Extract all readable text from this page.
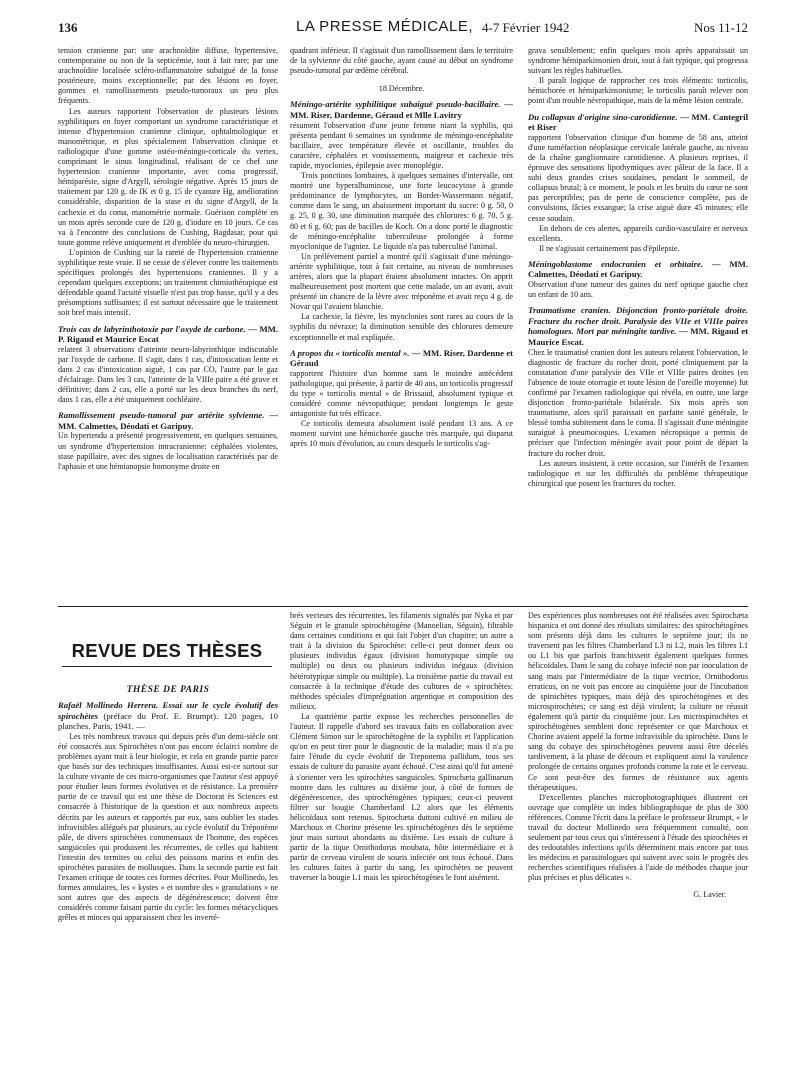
136	LA PRESSE MÉDICALE, 4-7 Février 1942	Nos 11-12

tension cranienne par: une arachnoïdite diffuse, hypertensive, contemporaine ou non de la septicémie, tout à fait rare; par une arachnoïdite localisée scléro-inflammatoire subaiguë de la fosse postérieure, moins exceptionnelle; par des lésions en foyer, gommes et ramollissements pseudo-tumoraux un peu plus fréquents.

Les auteurs rapportent l'observation de plusieurs lésions syphilitiques en foyer comportant un syndrome caractéristique et intense d'hypertension cranienne clinique, ophtalmologique et manométrique, et plus spécialement l'observation clinique et radiologique d'une gomme ostéo-méningo-corticale du vertex, comprimant le sinus longitudinal, réalisant de ce chef une hypertension cranienne importante, avec coma progressif, hémiparésie, signe d'Argyll, sérologie négative. Après 15 jours de traitement par 120 g. de IK et 0 g. 15 de cyanure Hg, amélioration considérable, disparition de la stase et du signe d'Argyll, de la cachexie et du coma, manométrie normale. Guérison complète en un mois après seconde cure de 120 g. d'iodure en 10 jours. Ce cas va à l'encontre des conclusions de Cushing, Bagdasar, pour qui toute gomme relève uniquement et d'emblée du neuro-chirurgien.

L'opinion de Cushing sur la rareté de l'hypertension cranienne syphilitique reste vraie. Il ne cesse de s'élever contre les traitements spécifiques prolongés des hypertensions craniennes. Il y a cependant quelques exceptions; un traitement chimiothérapique est défendable quand l'acuité visuelle n'est pas trop basse, qu'il y a des présomptions suffisantes; il est surtout nécessaire que le traitement soit bref mais intensif.

Trois cas de labyrinthotoxie par l'oxyde de carbone. — MM. P. Rigaud et Maurice Escat

relatent 3 observations d'atteinte neuro-labyrinthique indiscutable par l'oxyde de carbone. Il s'agit, dans 1 cas, d'intoxication lente et dans 2 cas d'intoxication aiguë, 1 cas par CO, l'autre par le gaz d'éclairage. Dans les 3 cas, l'atteinte de la VIIIe paire a été grave et définitive; dans 2 cas, elle a porté sur les deux branches du nerf, dans 1 cas, elle a été uniquement cochléaire.

Ramollissement pseudo-tumoral par artérite sylvienne. — MM. Calmettes, Déodati et Garipuy.

Un hypertendu a présenté progressivement, en quelques semaines, un syndrome d'hypertension intracranienne: céphalées violentes, stase papillaire, avec des signes de localisation caractérisés par de l'aphasie et une hémianopsie homonyme droite en

quadrant inférieur. Il s'agissait d'un ramollissement dans le territoire de la sylvienne du côté gauche, ayant causé au début un syndrome pseudo-tumoral par œdème cérébral.

18 Décembre.

Méningo-artérite syphilitique subaiguë pseudo-bacillaire. — MM. Riser, Dardenne, Géraud et Mlle Lavitry

résument l'observation d'une jeune femme niant la syphilis, qui présenta pendant 6 semaines un syndrome de méningo-encéphalite bacillaire, avec température élevée et oscillante, troubles du caractère, céphalées et vomissements, maigreur et cachexie très rapide, myoclonies, épilepsie avec monoplégie.

Trois ponctions lombaires, à quelques semaines d'intervalle, ont montré une hyperalbuminose, une forte leucocytose à grande prédominance de lymphocytes, un Bordet-Wassermann négatif, comme dans le sang, un abaissement important du sucre: 0 g. 50, 0 g. 25, 0 g. 30, une diminution marquée des chlorures: 6 g. 70, 5 g. 80 et 6 g. 60; pas de bacilles de Koch. On a donc porté le diagnostic de méningo-encéphalite tuberculeuse prolongée à forme myoclonique de l'agniez. Le liquide n'a pas tuberculisé l'animal.

Un prélèvement partiel a montré qu'il s'agissait d'une méningo-artérite syphilitique, tout à fait certaine, au niveau de nombreuses artères, alors que la plupart étaient absolument intactes. On apprit malheureusement post mortem que cette malade, un an avant, avait présenté un chancre de la lèvre avec tréponème et avait reçu 4 g. de Novar qui l'avaient blanchie.

La cachexie, la fièvre, les myoclonies sont rares au cours de la syphilis du névraxe; la diminution sensible des chlorures demeure exceptionnelle et mal expliquée.

A propos du « torticolis mental ». — MM. Riser, Dardenne et Géraud

rapportent l'histoire d'un homme sans le moindre antécédent pathologique, qui présente, à partir de 40 ans, un torticolis progressif du type « torticolis mental » de Brissaud, absolument typique et considéré comme névropathique; pendant longtemps le geste antagoniste fut très efficace.

Ce torticolis demeura absolument isolé pendant 13 ans. A ce moment survint une hémichorée gauche très marquée, qui disparut après 10 mois d'évolution, au cours desquels le torticolis s'ag-

grava sensiblement; enfin quelques mois après apparaissait un syndrome hémiparkinsonien droit, tout à fait typique, qui progressa suivant les règles habituelles.

Il paraît logique de rapprocher ces trois éléments: torticolis, hémichorée et hémiparkinsonisme; le torticolis paraît relever non point d'un trouble névropathique, mais de la même lésion centrale.

Du collapsus d'origine sino-carotidienne. — MM. Cantegril et Riser

rapportent l'observation clinique d'un homme de 58 ans, atteint d'une tuméfaction néoplasique cervicale latérale gauche, au niveau de la chaîne ganglionnaire carotidienne. A plusieurs reprises, il éprouve des sensations lipothymiques avec pâleur de la face. Il a subi deux grandes crises soudaines, pendant le sommeil, de collapsus brutal; à ce moment, le pouls et les bruits du cœur ne sont pas perceptibles; pas de perte de conscience complète, pas de convulsions, fâcies exsangue; la crise aiguë dure 45 minutes; elle cesse soudain.

En dehors de ces alertes, appareils cardio-vasculaire et nerveux excellents.

Il ne s'agissait certainement pas d'épilepsie.

Méningoblastome endocranien et orbitaire. — MM. Calmettes, Déodati et Garipuy.

Observation d'une tumeur des gaines du nerf optique gauche chez un enfant de 10 ans.

Traumatisme cranien. Disjonction fronto-pariétale droite. Fracture du rocher droit. Paralysie des VIIe et VIIIe paires homologues. Mort par méningite tardive. — MM. Rigaud et Maurice Escat.

Chez le traumatisé cranien dont les auteurs relatent l'observation, le diagnostic de fracture du rocher droit, porté cliniquement par la constatation d'une paralysie des VIIe et VIIIe paires droites (en l'absence de toute otorragie et toute lésion de l'oreille moyenne) fut confirmé par l'examen radiologique qui révéla, en outre, une large disjonction fronto-pariétale bilatérale. Six mois après son traumatisme, alors qu'il paraissait en parfaite santé générale, le blessé tomba subitement dans le coma. Il s'agissait d'une méningite suraiguë à pneumocoques. L'examen nécropsique a permis de préciser que l'infection méningée avait pour point de départ la fracture du rocher droit.

Les auteurs insistent, à cette occasion, sur l'intérêt de l'examen radiologique et sur les difficultés du problème thérapeutique chirurgical que posent les fractures du rocher.

REVUE DES THÈSES
THÈSE DE PARIS

Rafaël Mollinedo Herrera. Essai sur le cycle évolutif des spirochètes (préface du Prof. E. Brumpt). 120 pages, 10 planches. Paris, 1941. —

Les très nombreux travaux qui depuis près d'un demi-siècle ont été consacrés aux Spirochètes n'ont pas encore éclairci nombre de problèmes ayant trait à leur biologie, et cela en grande partie parce que basés sur des techniques insuffisantes. Aussi est-ce surtout sur la culture vivante de ces micro-organismes que l'auteur s'est appuyé pour étudier leurs formes évolutives et de résistance. La première partie de ce travail qui est une thèse de Doctorat ès Sciences est consacrée à l'historique de la question et aux nombreux aspects décrits par les auteurs et rapportés par eux, sans oublier les stades infravisibles allégués par plusieurs, au cycle évolutif du Tréponème pâle, de divers spirochètes commensaux de l'homme, des espèces sanguicoles qui produisent les récurrentes, de celles qui habitent l'intestin des termites ou celui des poissons marins et enfin des spirochètes parasites de mollusques. Dans la seconde partie est fait l'examen critique de toutes ces formes décrites. Pour Mollinedo, les formes annulaires, les « kystes » et nombre des « granulations » ne sont autres que des aspects de dégénérescence; doivent être considérés comme faisant partie du cycle: les formes métacycliques grêles et minces qui apparaissent chez les inverté-

brés vecteurs des récurrentes, les filaments signalés par Nyka et par Séguin et le granule spirochétogène (Manoelian, Séguin), filtrable dans certaines conditions et qui fait l'objet d'un chapitre; un autre a trait à la division du Spirochète: celle-ci peut donner deux ou plusieurs individus égaux (division homotypique simple ou multiple) ou deux ou plusieurs individus inégaux (division hétérotypique simple ou multiple). La troisième partie du travail est consacrée à la technique d'étude des cultures de « spirochètes: méthodes spéciales d'imprégnation argentique et composition des milieux.

La quatrième partie expose les recherches personnelles de l'auteur. Il rappelle d'abord ses travaux faits en collaboration avec Clément Simon sur le spirochétogène de la syphilis et l'application qu'on en peut tirer pour le diagnostic de la maladie; mais il n'a pu faire l'étude du cycle évolutif de Treponema pallidum, tous ses essais de culture du parasite ayant échoué. C'est ainsi qu'il fut amené à s'orienter vers les spirochètes sanguicoles. Spirochæta gallinarum montre dans les cultures au dixième jour, à côté de formes de dégénérescence, des spirochétogènes typiques; ceux-ci peuvent filtrer sur bougie Chamberland L2 alors que les éléments hélicoïdaux sont retenus. Spirochæta duttoni cultivé en milieu de Marchoux et Chorine présente les spirochétogènes dès le septième jour mais surtout abondants au dixième. Les essais de culture à partir de la tique Ornithodorus moubata, hôte intermédiaire et à partir de cerveau virulent de souris infectée ont tous échoué. Dans les cultures faites à partir du sang, les spirochètes ne peuvent traverser la bougie L1 mais les spirochétogènes le font aisément.

Des expériences plus nombreuses ont été réalisées avec Spirochæta hispanica et ont donné des résultats similaires: des spirochétogènes sont présents déjà dans les cultures le septième jour; ils ne traversent pas les filtres Chamberland L3 ni L2, mais les filtres L1 ou L1 bis que parfois franchissent également quelques formes hélicoïdales. Dans le sang du cobaye infecté non par inoculation de sang mais par l'intermédiaire de la tique vectrice, Ornithodorus erraticus, on ne voit pas encore au cinquième jour de l'incubation de spirochètes typiques, mais déjà des spirochétogènes et des microspirochètes; ce sang est déjà virulent; la culture ne réussit également qu'à partir du cinquième jour. Les microspirochètes et spirochétogènes semblent donc représenter ce que Marchoux et Chorine avaient appelé la forme infravisible du spirochète. Dans le sang du cobaye des spirochétogènes peuvent aussi être décelés tardivement, à la phase de décours et expliquent ainsi la virulence prolongée de certains organes profonds comme la rate et le cerveau. Ce sont peut-être des formes de résistance aux agents thérapeutiques.

D'excellentes planches microphotographiques illustrent cet ouvrage que complète un index bibliographique de plus de 300 références. Comme l'écrit dans la préface le professeur Brumpt, « le travail du docteur Mollinedo sera fréquemment consulté, non seulement par tous ceux qui s'intéressent à l'étude des spirochètes et des redoutables infections qu'ils déterminent mais encore par tous les médecins et parasitologues qui suivent avec soin le progrès des recherches scientifiques réalisées à l'aide de méthodes chaque jour plus précises et plus délicates ».

G. Lavier.
